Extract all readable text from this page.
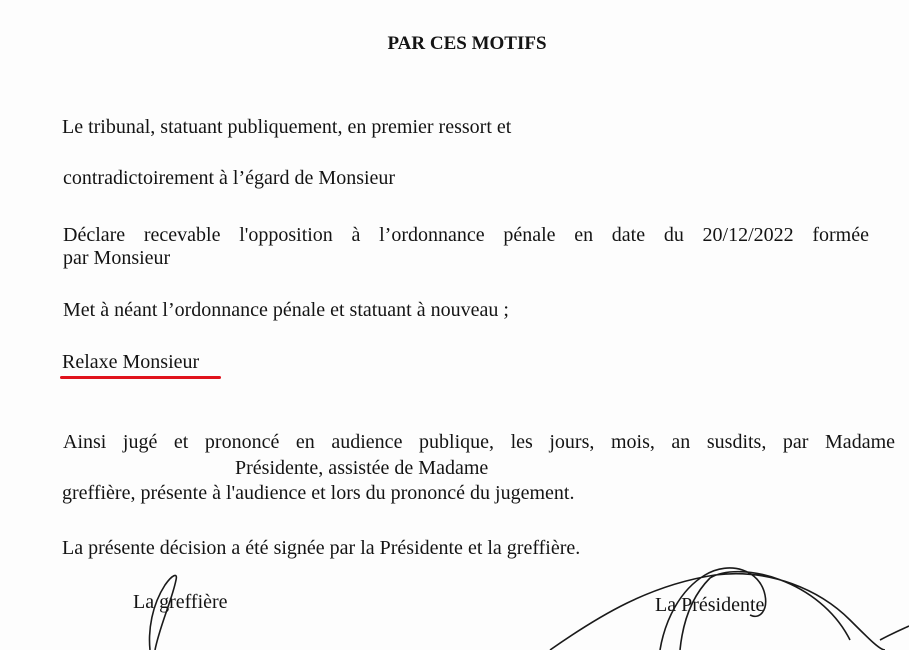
PAR CES MOTIFS
Le tribunal, statuant publiquement, en premier ressort et
contradictoirement à l’égard de Monsieur
Déclare recevable l'opposition à l’ordonnance pénale en date du 20/12/2022 formée
par Monsieur
Met à néant l’ordonnance pénale et statuant à nouveau ;
Relaxe Monsieur
Ainsi jugé et prononcé en audience publique, les jours, mois, an susdits, par Madame
Présidente, assistée de Madame
greffière, présente à l'audience et lors du prononcé du jugement.
La présente décision a été signée par la Présidente et la greffière.
La greffière	La Présidente
